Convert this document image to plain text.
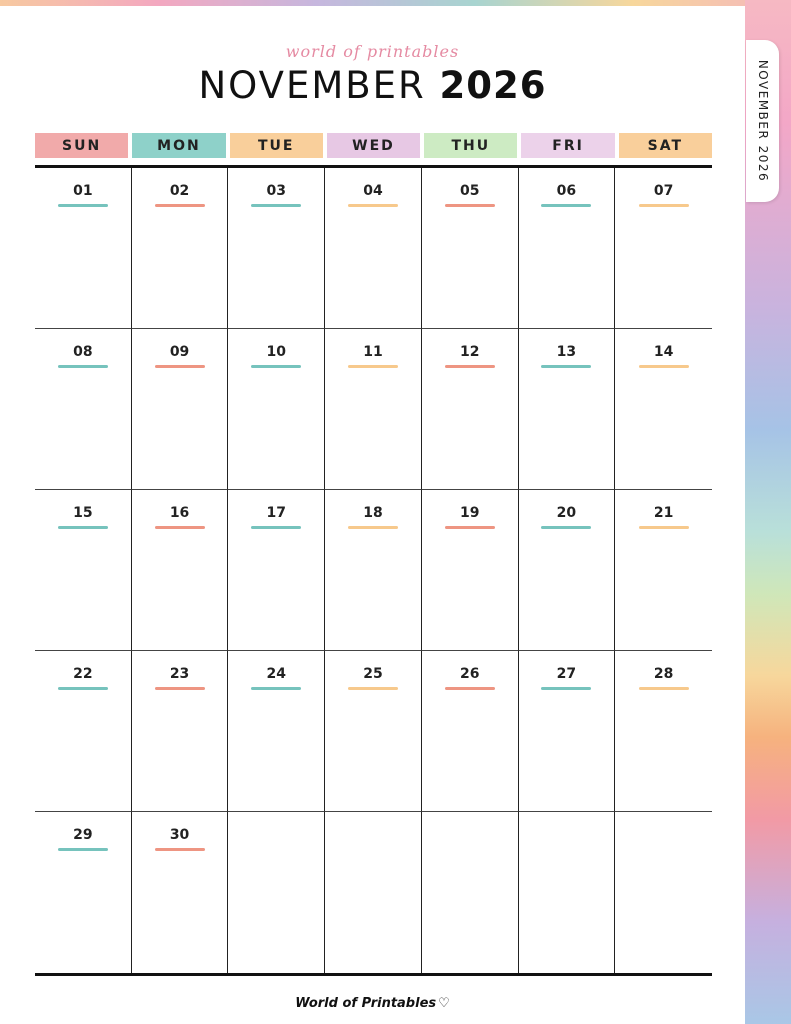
world of printables
NOVEMBER 2026
SUN	MON	TUE	WED	THU	FRI	SAT
01	02	03	04	05	06	07
08	09	10	11	12	13	14
15	16	17	18	19	20	21
22	23	24	25	26	27	28
29	30
World of Printables ♡
NOVEMBER 2026
